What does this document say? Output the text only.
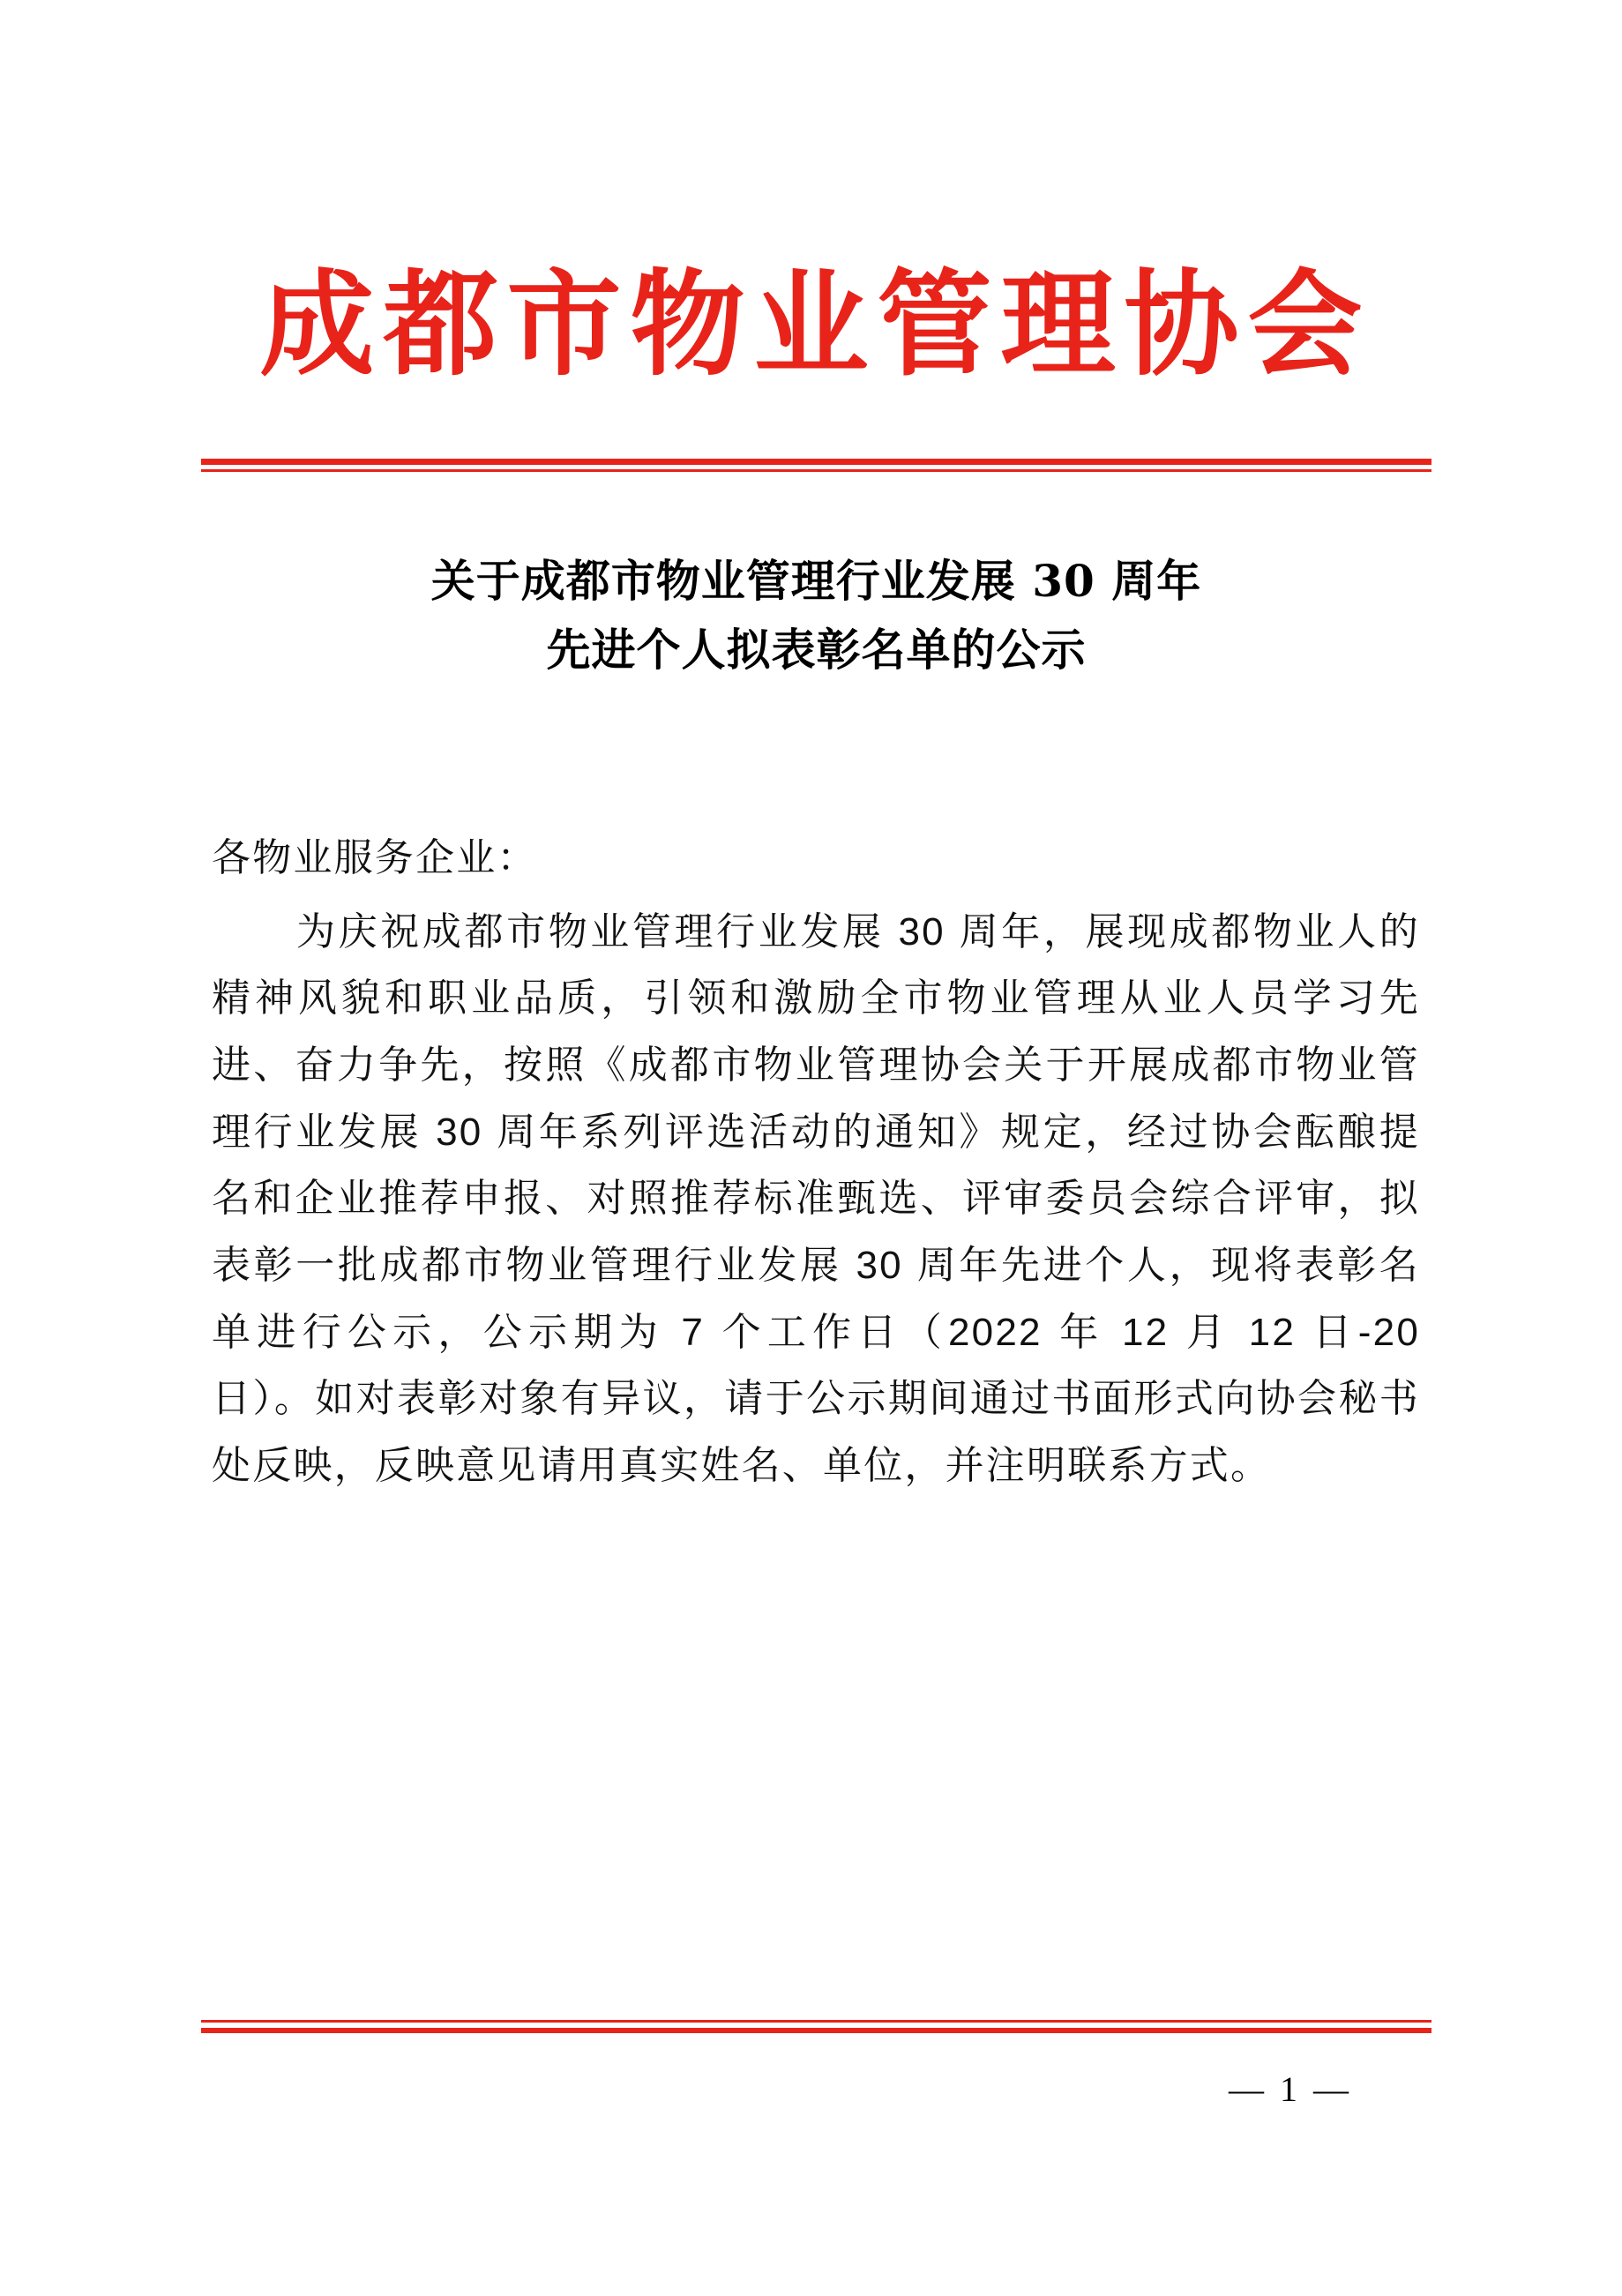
成都市物业管理协会
关于成都市物业管理行业发展 30 周年
先进个人拟表彰名单的公示

各物业服务企业：

为庆祝成都市物业管理行业发展 30 周年，展现成都物业人的精神风貌和职业品质，引领和激励全市物业管理从业人员学习先进、奋力争先，按照《成都市物业管理协会关于开展成都市物业管理行业发展 30 周年系列评选活动的通知》规定，经过协会酝酿提名和企业推荐申报、对照推荐标准甄选、评审委员会综合评审，拟表彰一批成都市物业管理行业发展 30 周年先进个人，现将表彰名单进行公示，公示期为 7 个工作日（2022 年 12 月 12 日-20 日）。如对表彰对象有异议，请于公示期间通过书面形式向协会秘书处反映，反映意见请用真实姓名、单位，并注明联系方式。

— 1 —
